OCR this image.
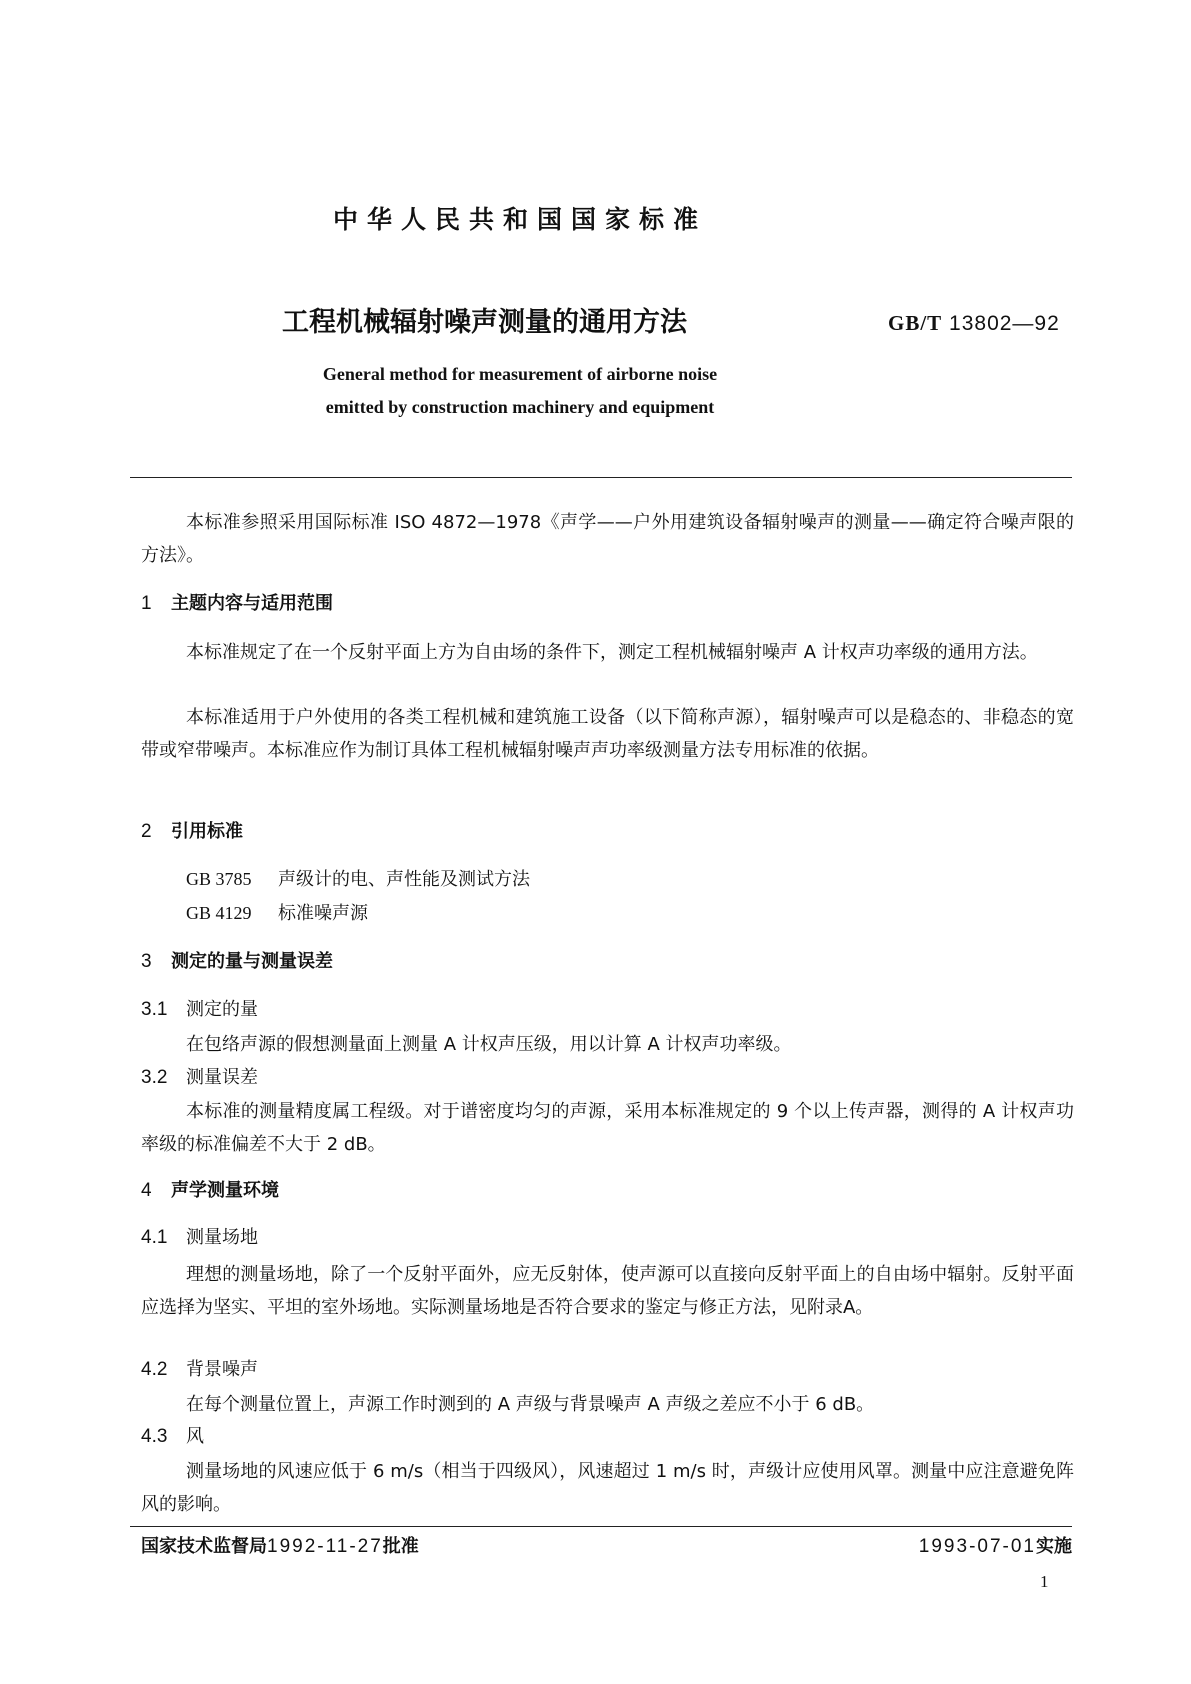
中华人民共和国国家标准
工程机械辐射噪声测量的通用方法	GB/T 13802—92
General method for measurement of airborne noise
emitted by construction machinery and equipment
本标准参照采用国际标准 ISO 4872—1978《声学——户外用建筑设备辐射噪声的测量——确定符合噪声限的方法》。
1 主题内容与适用范围
本标准规定了在一个反射平面上方为自由场的条件下，测定工程机械辐射噪声 A 计权声功率级的通用方法。
本标准适用于户外使用的各类工程机械和建筑施工设备（以下简称声源），辐射噪声可以是稳态的、非稳态的宽带或窄带噪声。本标准应作为制订具体工程机械辐射噪声声功率级测量方法专用标准的依据。
2 引用标准
GB 3785 声级计的电、声性能及测试方法
GB 4129 标准噪声源
3 测定的量与测量误差
3.1 测定的量
在包络声源的假想测量面上测量 A 计权声压级，用以计算 A 计权声功率级。
3.2 测量误差
本标准的测量精度属工程级。对于谱密度均匀的声源，采用本标准规定的 9 个以上传声器，测得的 A 计权声功率级的标准偏差不大于 2 dB。
4 声学测量环境
4.1 测量场地
理想的测量场地，除了一个反射平面外，应无反射体，使声源可以直接向反射平面上的自由场中辐射。反射平面应选择为坚实、平坦的室外场地。实际测量场地是否符合要求的鉴定与修正方法，见附录A。
4.2 背景噪声
在每个测量位置上，声源工作时测到的 A 声级与背景噪声 A 声级之差应不小于 6 dB。
4.3 风
测量场地的风速应低于 6 m/s（相当于四级风），风速超过 1 m/s 时，声级计应使用风罩。测量中应注意避免阵风的影响。
国家技术监督局1992-11-27批准	1993-07-01实施
1
